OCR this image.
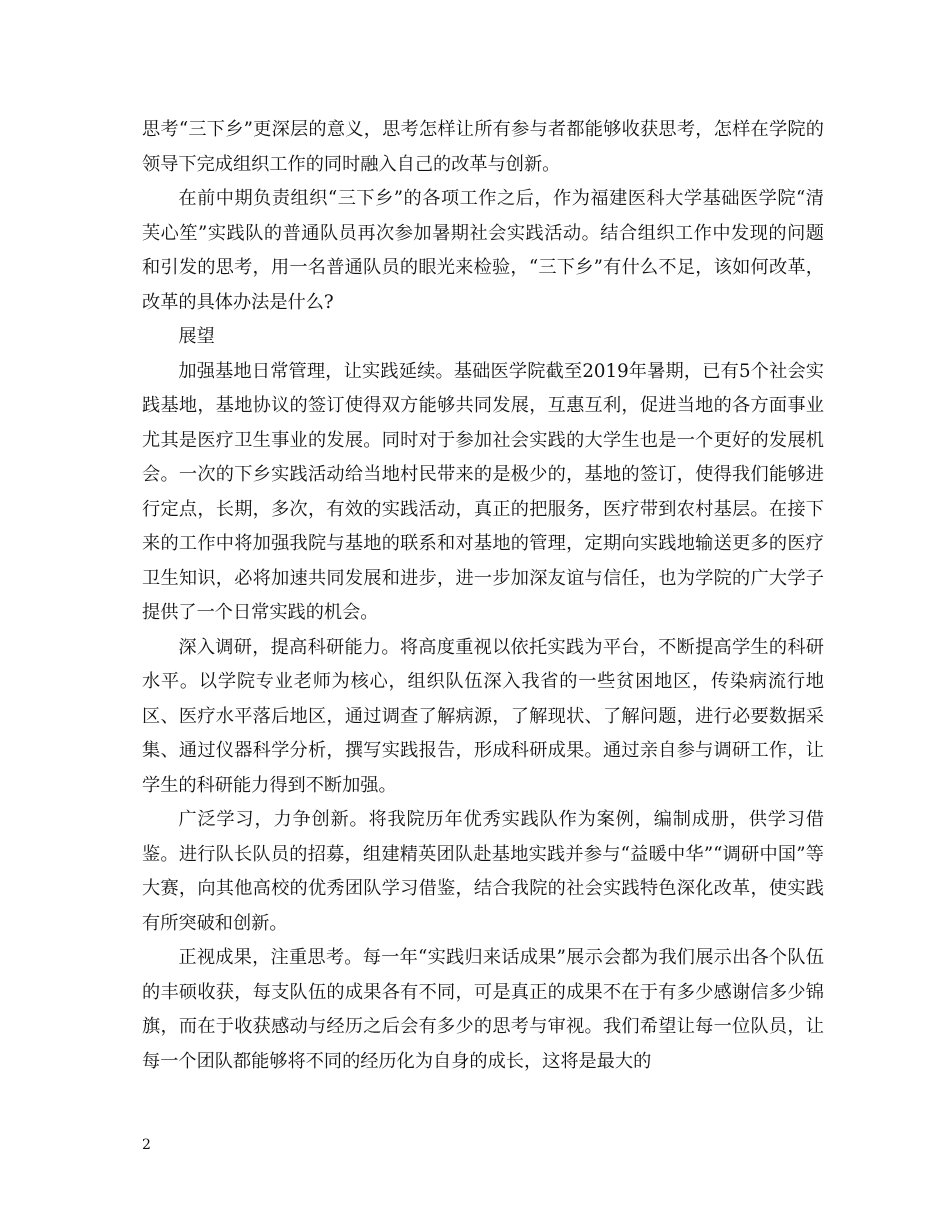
思考“三下乡”更深层的意义，思考怎样让所有参与者都能够收获思考，怎样在学院的领导下完成组织工作的同时融入自己的改革与创新。

在前中期负责组织“三下乡”的各项工作之后，作为福建医科大学基础医学院“清芙心笙”实践队的普通队员再次参加暑期社会实践活动。结合组织工作中发现的问题和引发的思考，用一名普通队员的眼光来检验，“三下乡”有什么不足，该如何改革，改革的具体办法是什么?

展望

加强基地日常管理，让实践延续。基础医学院截至2019年暑期，已有5个社会实践基地，基地协议的签订使得双方能够共同发展，互惠互利，促进当地的各方面事业尤其是医疗卫生事业的发展。同时对于参加社会实践的大学生也是一个更好的发展机会。一次的下乡实践活动给当地村民带来的是极少的，基地的签订，使得我们能够进行定点，长期，多次，有效的实践活动，真正的把服务，医疗带到农村基层。在接下来的工作中将加强我院与基地的联系和对基地的管理，定期向实践地输送更多的医疗卫生知识，必将加速共同发展和进步，进一步加深友谊与信任，也为学院的广大学子提供了一个日常实践的机会。

深入调研，提高科研能力。将高度重视以依托实践为平台，不断提高学生的科研水平。以学院专业老师为核心，组织队伍深入我省的一些贫困地区，传染病流行地区、医疗水平落后地区，通过调查了解病源，了解现状、了解问题，进行必要数据采集、通过仪器科学分析，撰写实践报告，形成科研成果。通过亲自参与调研工作，让学生的科研能力得到不断加强。

广泛学习，力争创新。将我院历年优秀实践队作为案例，编制成册，供学习借鉴。进行队长队员的招募，组建精英团队赴基地实践并参与“益暖中华”“调研中国”等大赛，向其他高校的优秀团队学习借鉴，结合我院的社会实践特色深化改革，使实践有所突破和创新。

正视成果，注重思考。每一年“实践归来话成果”展示会都为我们展示出各个队伍的丰硕收获，每支队伍的成果各有不同，可是真正的成果不在于有多少感谢信多少锦旗，而在于收获感动与经历之后会有多少的思考与审视。我们希望让每一位队员，让每一个团队都能够将不同的经历化为自身的成长，这将是最大的

2
